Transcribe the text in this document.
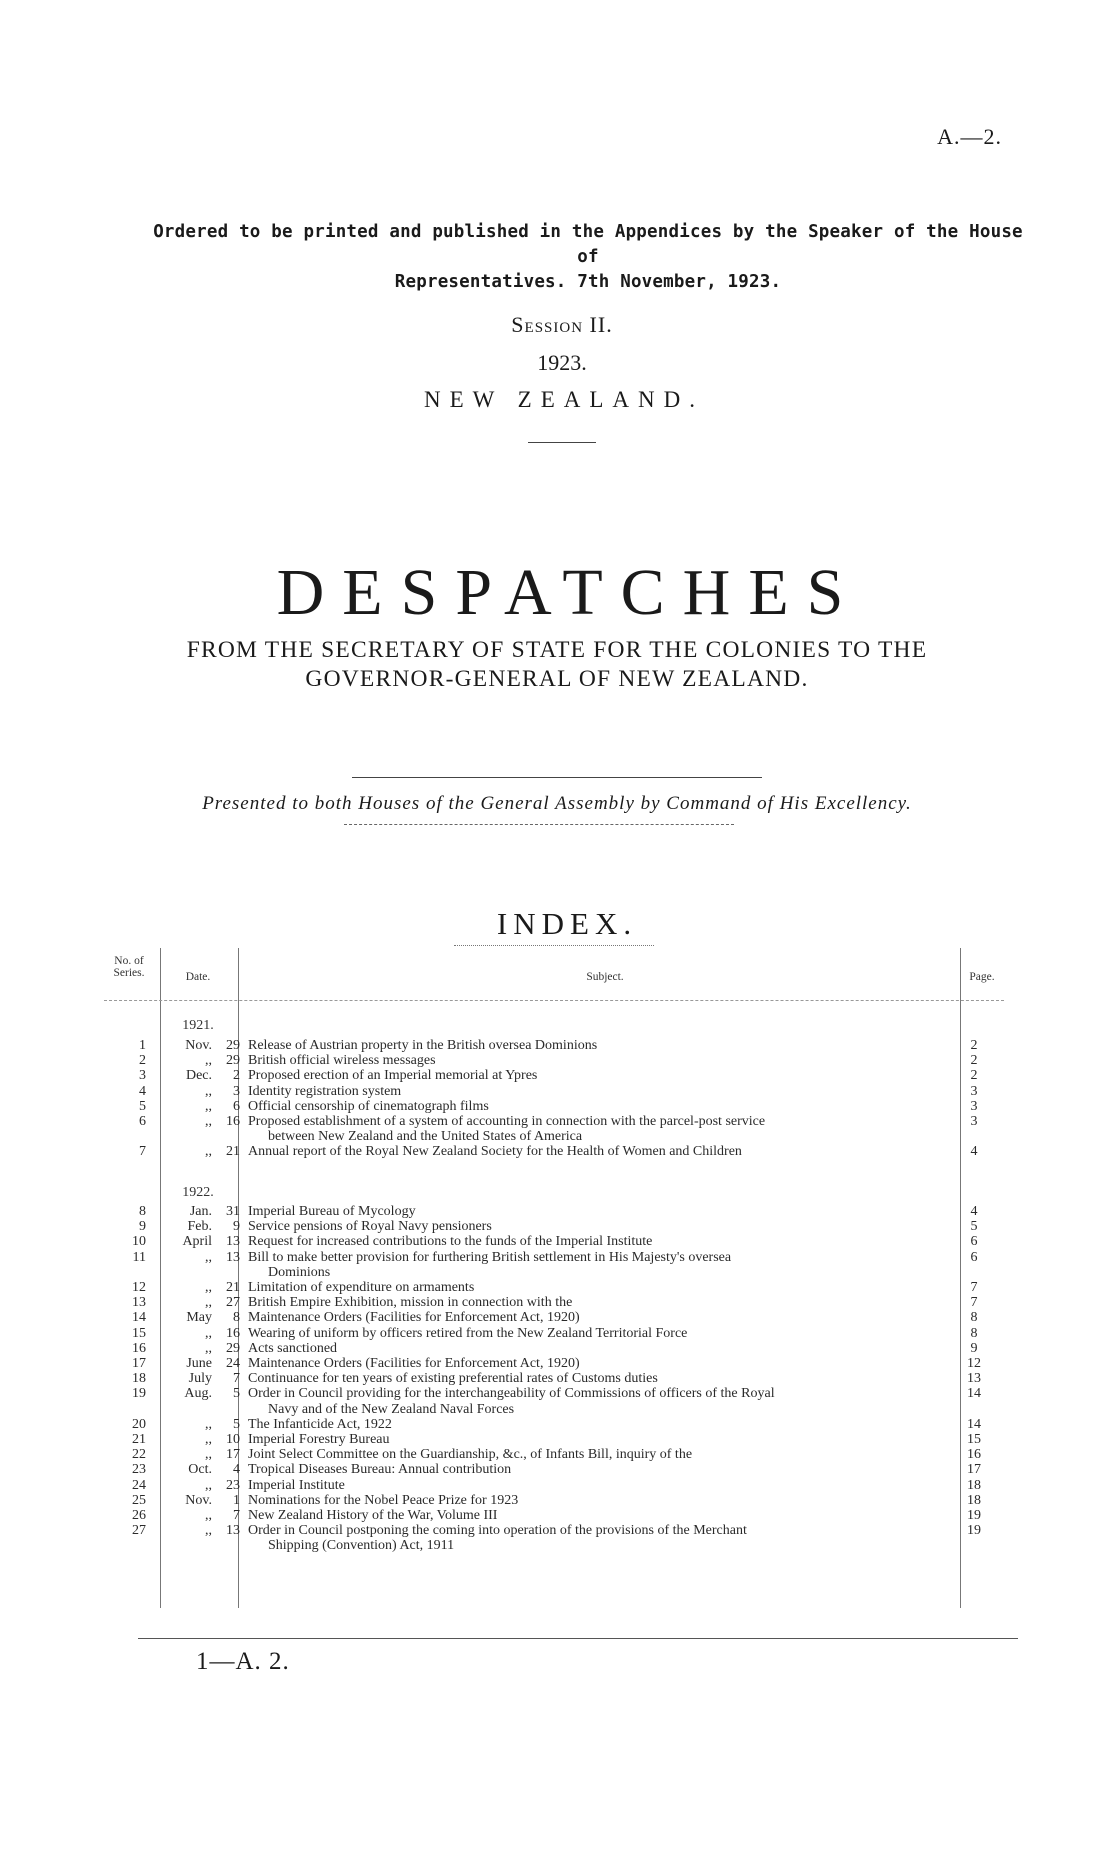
A.—2.
Ordered to be printed and published in the Appendices by the Speaker of the House of
Representatives. 7th November, 1923.
Session II.
1923.
NEW ZEALAND.
DESPATCHES
FROM THE SECRETARY OF STATE FOR THE COLONIES TO THE
GOVERNOR-GENERAL OF NEW ZEALAND.
Presented to both Houses of the General Assembly by Command of His Excellency.
INDEX.
No. of Series.	Date.	Subject.	Page.
1921.
1922.
1	Nov.	29 Release of Austrian property in the British oversea Dominions	2
2	,,	29 British official wireless messages	2
3	Dec.	2 Proposed erection of an Imperial memorial at Ypres	2
4	,,	3 Identity registration system	3
5	,,	6 Official censorship of cinematograph films	3
6	,,	16 Proposed establishment of a system of accounting in connection with the parcel-post service	3
between New Zealand and the United States of America
7	,,	21 Annual report of the Royal New Zealand Society for the Health of Women and Children	4
8	Jan.	31 Imperial Bureau of Mycology	4
9	Feb.	9 Service pensions of Royal Navy pensioners	5
10	April	13 Request for increased contributions to the funds of the Imperial Institute	6
11	,,	13 Bill to make better provision for furthering British settlement in His Majesty's oversea	6
Dominions
12	,,	21 Limitation of expenditure on armaments	7
13	,,	27 British Empire Exhibition, mission in connection with the	7
14	May	8 Maintenance Orders (Facilities for Enforcement Act, 1920)	8
15	,,	16 Wearing of uniform by officers retired from the New Zealand Territorial Force	8
16	,,	29 Acts sanctioned	9
17	June	24 Maintenance Orders (Facilities for Enforcement Act, 1920)	12
18	July	7 Continuance for ten years of existing preferential rates of Customs duties	13
19	Aug.	5 Order in Council providing for the interchangeability of Commissions of officers of the Royal	14
Navy and of the New Zealand Naval Forces
20	,,	5 The Infanticide Act, 1922	14
21	,,	10 Imperial Forestry Bureau	15
22	,,	17 Joint Select Committee on the Guardianship, &c., of Infants Bill, inquiry of the	16
23	Oct.	4 Tropical Diseases Bureau: Annual contribution	17
24	,,	23 Imperial Institute	18
25	Nov.	1 Nominations for the Nobel Peace Prize for 1923	18
26	,,	7 New Zealand History of the War, Volume III	19
27	,,	13 Order in Council postponing the coming into operation of the provisions of the Merchant	19
Shipping (Convention) Act, 1911
1—A. 2.
